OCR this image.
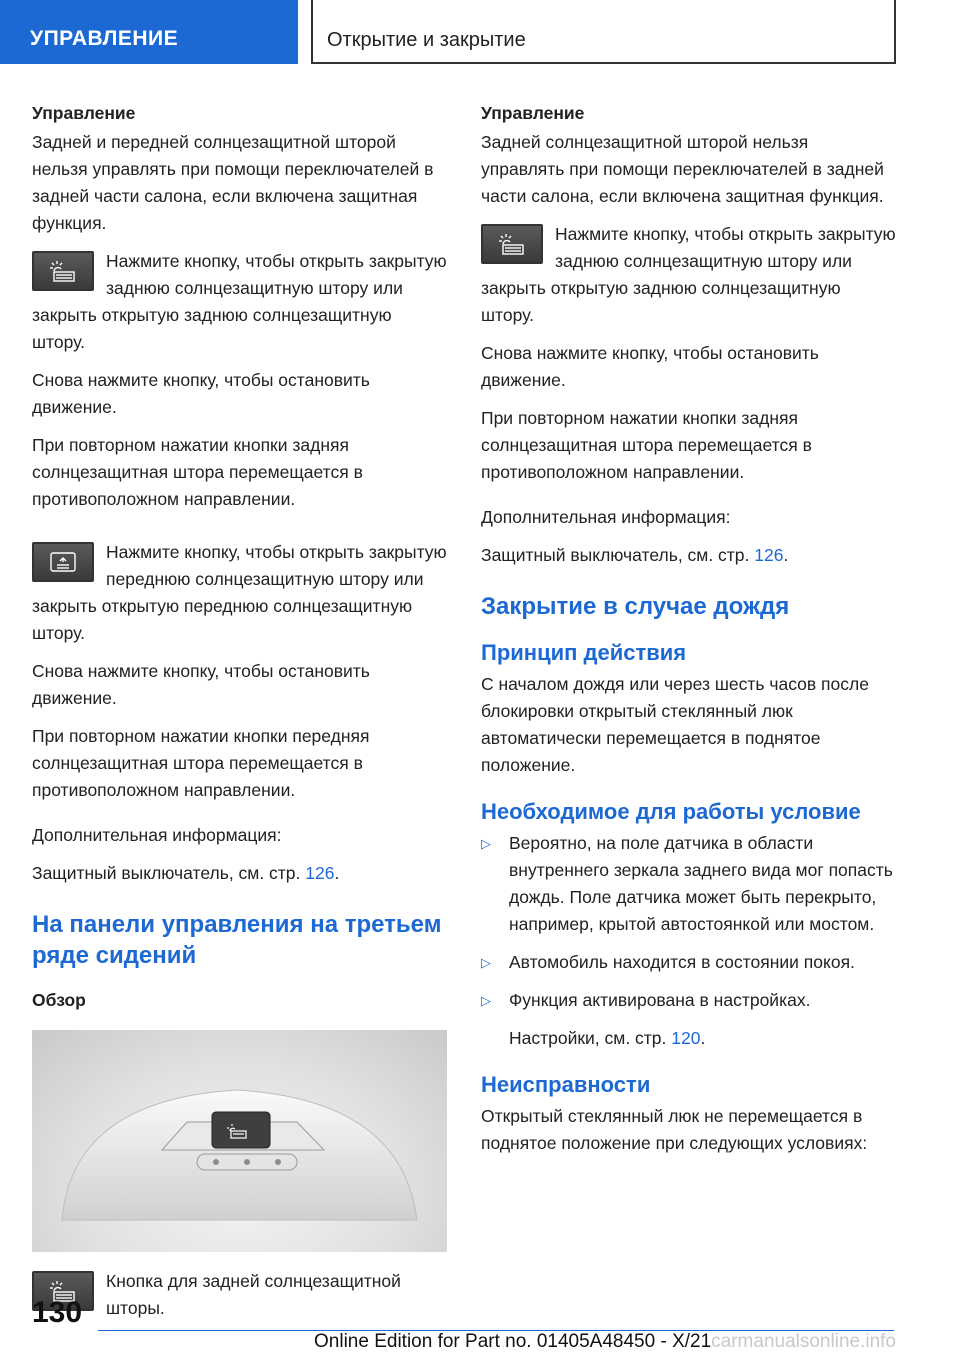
УПРАВЛЕНИЕ	Открытие и закрытие

Управление

Задней и передней солнцезащитной шторой нельзя управлять при помощи переключателей в задней части салона, если включена защитная функция.

Нажмите кнопку, чтобы открыть закрытую заднюю солнцезащитную штору или закрыть открытую заднюю солнцезащитную штору.

Снова нажмите кнопку, чтобы остановить движение.

При повторном нажатии кнопки задняя солнцезащитная штора перемещается в противоположном направлении.

Нажмите кнопку, чтобы открыть закрытую переднюю солнцезащитную штору или закрыть открытую переднюю солнцезащитную штору.

Снова нажмите кнопку, чтобы остановить движение.

При повторном нажатии кнопки передняя солнцезащитная штора перемещается в противоположном направлении.

Дополнительная информация:

Защитный выключатель, см. стр. 126.

На панели управления на третьем ряде сидений

Обзор

Кнопка для задней солнцезащитной шторы.

Управление

Задней солнцезащитной шторой нельзя управлять при помощи переключателей в задней части салона, если включена защитная функция.

Нажмите кнопку, чтобы открыть закрытую заднюю солнцезащитную штору или закрыть открытую заднюю солнцезащитную штору.

Снова нажмите кнопку, чтобы остановить движение.

При повторном нажатии кнопки задняя солнцезащитная штора перемещается в противоположном направлении.

Дополнительная информация:

Защитный выключатель, см. стр. 126.

Закрытие в случае дождя

Принцип действия

С началом дождя или через шесть часов после блокировки открытый стеклянный люк автоматически перемещается в поднятое положение.

Необходимое для работы условие

▷ Вероятно, на поле датчика в области внутреннего зеркала заднего вида мог попасть дождь. Поле датчика может быть перекрыто, например, крытой автостоянкой или мостом.
▷ Автомобиль находится в состоянии покоя.
▷ Функция активирована в настройках.

Настройки, см. стр. 120.

Неисправности

Открытый стеклянный люк не перемещается в поднятое положение при следующих условиях:

130
Online Edition for Part no. 01405A48450 - X/21carmanualsonline.info
